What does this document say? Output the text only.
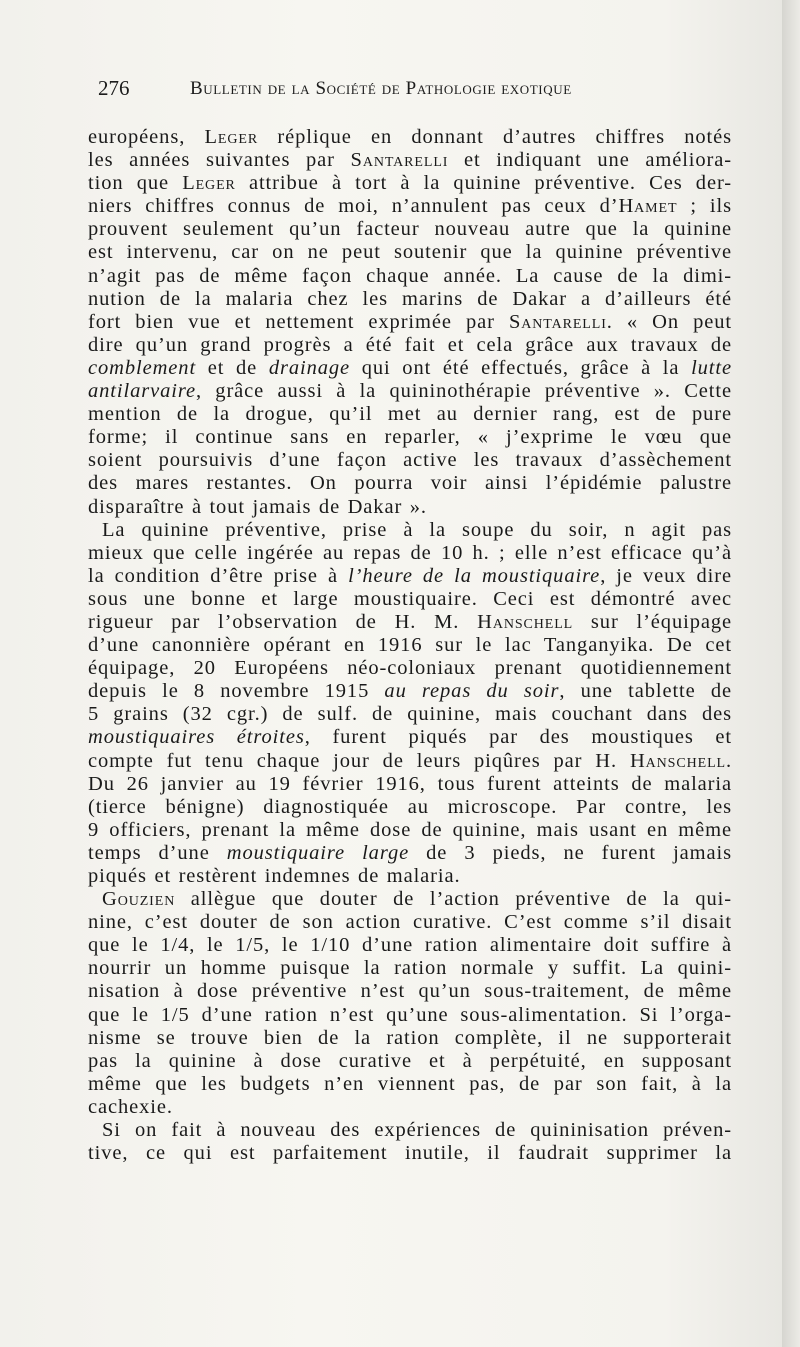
276	Bulletin de la Société de Pathologie exotique
européens, Leger réplique en donnant d’autres chiffres notés
les années suivantes par Santarelli et indiquant une améliora-
tion que Leger attribue à tort à la quinine préventive. Ces der-
niers chiffres connus de moi, n’annulent pas ceux d’Hamet ; ils
prouvent seulement qu’un facteur nouveau autre que la quinine
est intervenu, car on ne peut soutenir que la quinine préventive
n’agit pas de même façon chaque année. La cause de la dimi-
nution de la malaria chez les marins de Dakar a d’ailleurs été
fort bien vue et nettement exprimée par Santarelli. « On peut
dire qu’un grand progrès a été fait et cela grâce aux travaux de
comblement et de drainage qui ont été effectués, grâce à la lutte
antilarvaire, grâce aussi à la quininothérapie préventive ». Cette
mention de la drogue, qu’il met au dernier rang, est de pure
forme; il continue sans en reparler, « j’exprime le vœu que
soient poursuivis d’une façon active les travaux d’assèchement
des mares restantes. On pourra voir ainsi l’épidémie palustre
disparaître à tout jamais de Dakar ».
La quinine préventive, prise à la soupe du soir, n agit pas
mieux que celle ingérée au repas de 10 h. ; elle n’est efficace qu’à
la condition d’être prise à l’heure de la moustiquaire, je veux dire
sous une bonne et large moustiquaire. Ceci est démontré avec
rigueur par l’observation de H. M. Hanschell sur l’équipage
d’une canonnière opérant en 1916 sur le lac Tanganyika. De cet
équipage, 20 Européens néo-coloniaux prenant quotidiennement
depuis le 8 novembre 1915 au repas du soir, une tablette de
5 grains (32 cgr.) de sulf. de quinine, mais couchant dans des
moustiquaires étroites, furent piqués par des moustiques et
compte fut tenu chaque jour de leurs piqûres par H. Hanschell.
Du 26 janvier au 19 février 1916, tous furent atteints de malaria
(tierce bénigne) diagnostiquée au microscope. Par contre, les
9 officiers, prenant la même dose de quinine, mais usant en même
temps d’une moustiquaire large de 3 pieds, ne furent jamais
piqués et restèrent indemnes de malaria.
Gouzien allègue que douter de l’action préventive de la qui-
nine, c’est douter de son action curative. C’est comme s’il disait
que le 1/4, le 1/5, le 1/10 d’une ration alimentaire doit suffire à
nourrir un homme puisque la ration normale y suffit. La quini-
nisation à dose préventive n’est qu’un sous-traitement, de même
que le 1/5 d’une ration n’est qu’une sous-alimentation. Si l’orga-
nisme se trouve bien de la ration complète, il ne supporterait
pas la quinine à dose curative et à perpétuité, en supposant
même que les budgets n’en viennent pas, de par son fait, à la
cachexie.
Si on fait à nouveau des expériences de quininisation préven-
tive, ce qui est parfaitement inutile, il faudrait supprimer la
